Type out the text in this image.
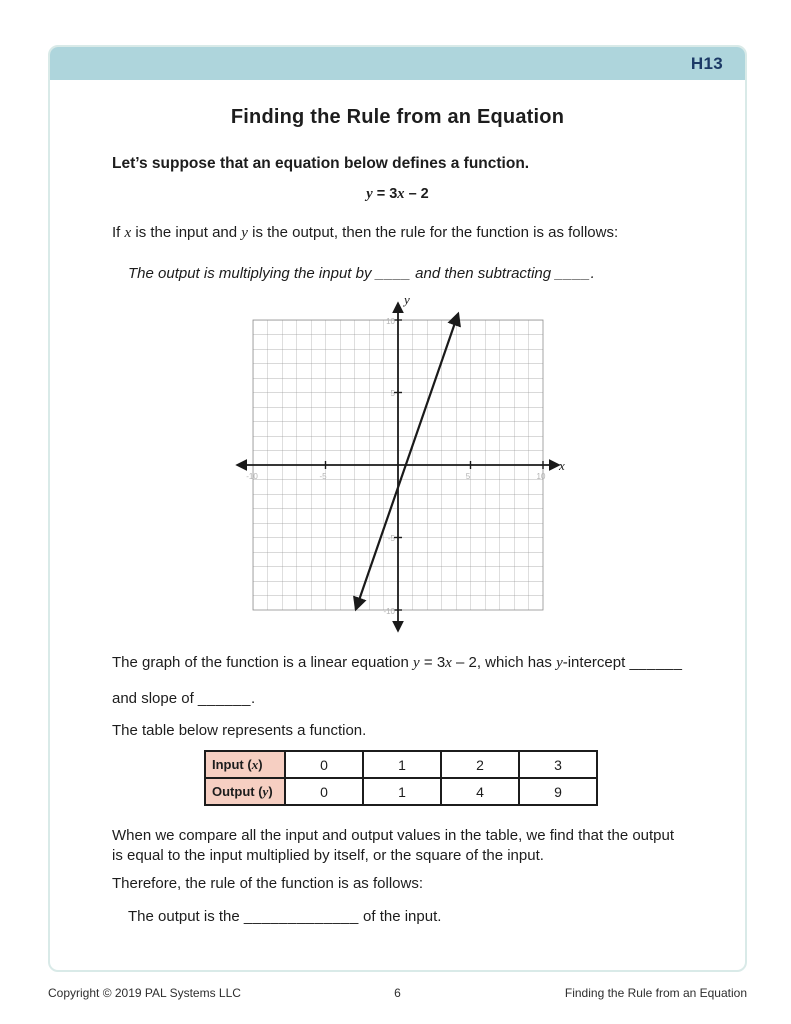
H13
Finding the Rule from an Equation
Let’s suppose that an equation below defines a function.
y = 3x – 2
If x is the input and y is the output, then the rule for the function is as follows:
The output is multiplying the input by ____ and then subtracting ____.
-10	-5	5	10
10
5
-5
-10
y
x
The graph of the function is a linear equation y = 3x – 2, which has y-intercept ______
and slope of ______.
The table below represents a function.
Input (x)	0	1	2	3
Output (y)	0	1	4	9
When we compare all the input and output values in the table, we find that the output is equal to the input multiplied by itself, or the square of the input.
Therefore, the rule of the function is as follows:
The output is the _____________ of the input.
Copyright © 2019 PAL Systems LLC	6	Finding the Rule from an Equation
